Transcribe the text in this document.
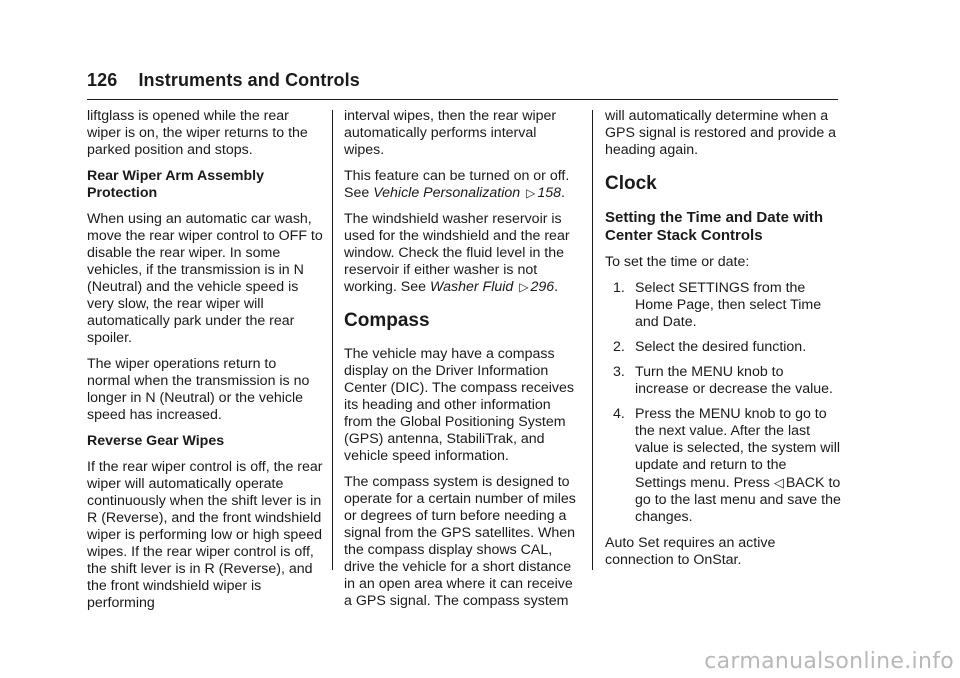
126 Instruments and Controls

liftglass is opened while the rear wiper is on, the wiper returns to the parked position and stops.

Rear Wiper Arm Assembly Protection

When using an automatic car wash, move the rear wiper control to OFF to disable the rear wiper. In some vehicles, if the transmission is in N (Neutral) and the vehicle speed is very slow, the rear wiper will automatically park under the rear spoiler.

The wiper operations return to normal when the transmission is no longer in N (Neutral) or the vehicle speed has increased.

Reverse Gear Wipes

If the rear wiper control is off, the rear wiper will automatically operate continuously when the shift lever is in R (Reverse), and the front windshield wiper is performing low or high speed wipes. If the rear wiper control is off, the shift lever is in R (Reverse), and the front windshield wiper is performing

interval wipes, then the rear wiper automatically performs interval wipes.

This feature can be turned on or off. See Vehicle Personalization ▷ 158.

The windshield washer reservoir is used for the windshield and the rear window. Check the fluid level in the reservoir if either washer is not working. See Washer Fluid ▷ 296.

Compass

The vehicle may have a compass display on the Driver Information Center (DIC). The compass receives its heading and other information from the Global Positioning System (GPS) antenna, StabiliTrak, and vehicle speed information.

The compass system is designed to operate for a certain number of miles or degrees of turn before needing a signal from the GPS satellites. When the compass display shows CAL, drive the vehicle for a short distance in an open area where it can receive a GPS signal. The compass system

will automatically determine when a GPS signal is restored and provide a heading again.

Clock
Setting the Time and Date with Center Stack Controls

To set the time or date:

1. Select SETTINGS from the Home Page, then select Time and Date.
2. Select the desired function.
3. Turn the MENU knob to increase or decrease the value.
4. Press the MENU knob to go to the next value. After the last value is selected, the system will update and return to the Settings menu. Press ◁ BACK to go to the last menu and save the changes.

Auto Set requires an active connection to OnStar.

carmanualsonline.info
